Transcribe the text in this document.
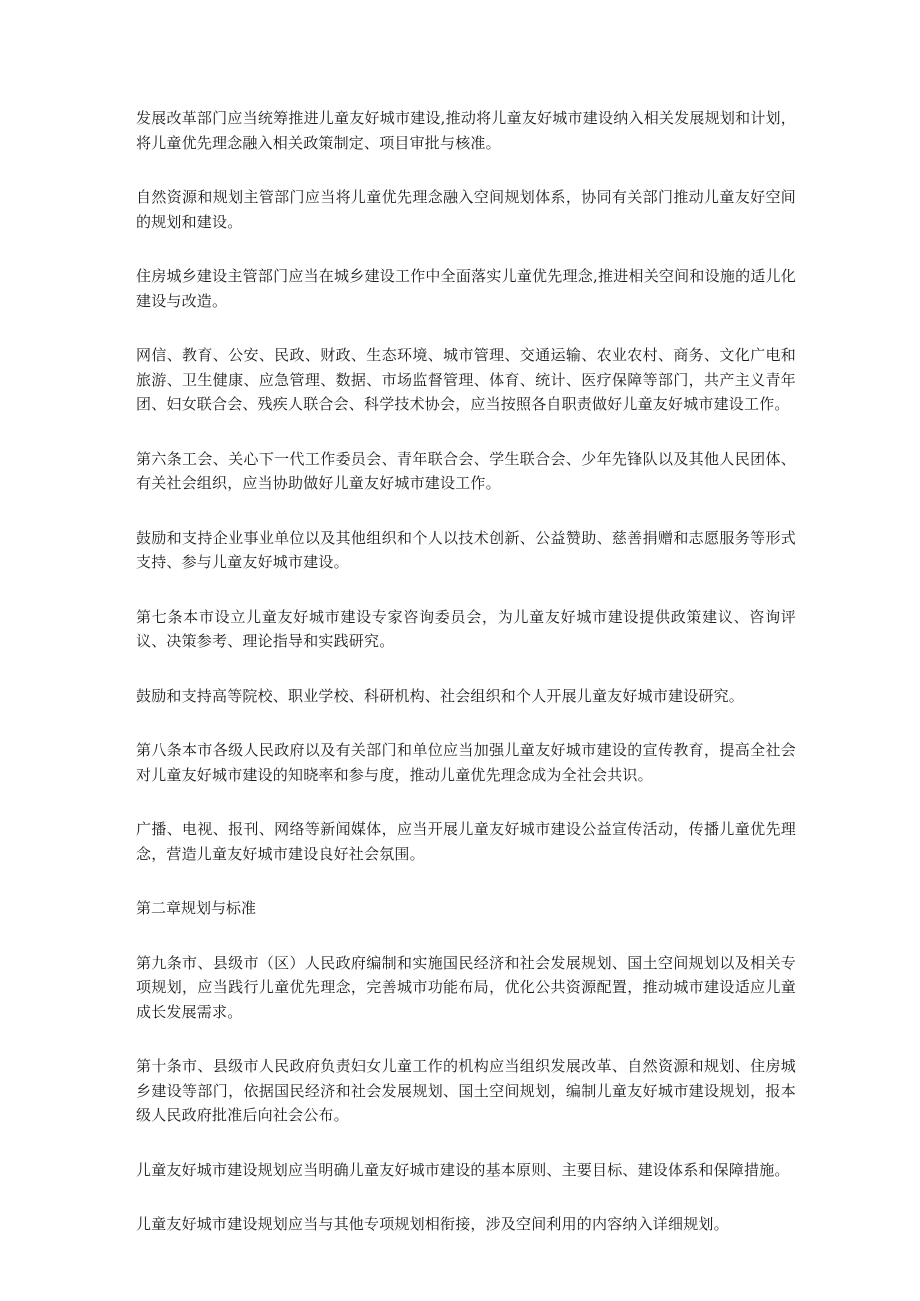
发展改革部门应当统筹推进儿童友好城市建设,推动将儿童友好城市建设纳入相关发展规划和计划，将儿童优先理念融入相关政策制定、项目审批与核准。

自然资源和规划主管部门应当将儿童优先理念融入空间规划体系，协同有关部门推动儿童友好空间的规划和建设。

住房城乡建设主管部门应当在城乡建设工作中全面落实儿童优先理念,推进相关空间和设施的适儿化建设与改造。

网信、教育、公安、民政、财政、生态环境、城市管理、交通运输、农业农村、商务、文化广电和旅游、卫生健康、应急管理、数据、市场监督管理、体育、统计、医疗保障等部门，共产主义青年团、妇女联合会、残疾人联合会、科学技术协会，应当按照各自职责做好儿童友好城市建设工作。

第六条工会、关心下一代工作委员会、青年联合会、学生联合会、少年先锋队以及其他人民团体、有关社会组织，应当协助做好儿童友好城市建设工作。

鼓励和支持企业事业单位以及其他组织和个人以技术创新、公益赞助、慈善捐赠和志愿服务等形式支持、参与儿童友好城市建设。

第七条本市设立儿童友好城市建设专家咨询委员会，为儿童友好城市建设提供政策建议、咨询评议、决策参考、理论指导和实践研究。

鼓励和支持高等院校、职业学校、科研机构、社会组织和个人开展儿童友好城市建设研究。

第八条本市各级人民政府以及有关部门和单位应当加强儿童友好城市建设的宣传教育，提高全社会对儿童友好城市建设的知晓率和参与度，推动儿童优先理念成为全社会共识。

广播、电视、报刊、网络等新闻媒体，应当开展儿童友好城市建设公益宣传活动，传播儿童优先理念，营造儿童友好城市建设良好社会氛围。

第二章规划与标准

第九条市、县级市（区）人民政府编制和实施国民经济和社会发展规划、国土空间规划以及相关专项规划，应当践行儿童优先理念，完善城市功能布局，优化公共资源配置，推动城市建设适应儿童成长发展需求。

第十条市、县级市人民政府负责妇女儿童工作的机构应当组织发展改革、自然资源和规划、住房城乡建设等部门，依据国民经济和社会发展规划、国土空间规划，编制儿童友好城市建设规划，报本级人民政府批准后向社会公布。

儿童友好城市建设规划应当明确儿童友好城市建设的基本原则、主要目标、建设体系和保障措施。

儿童友好城市建设规划应当与其他专项规划相衔接，涉及空间利用的内容纳入详细规划。
